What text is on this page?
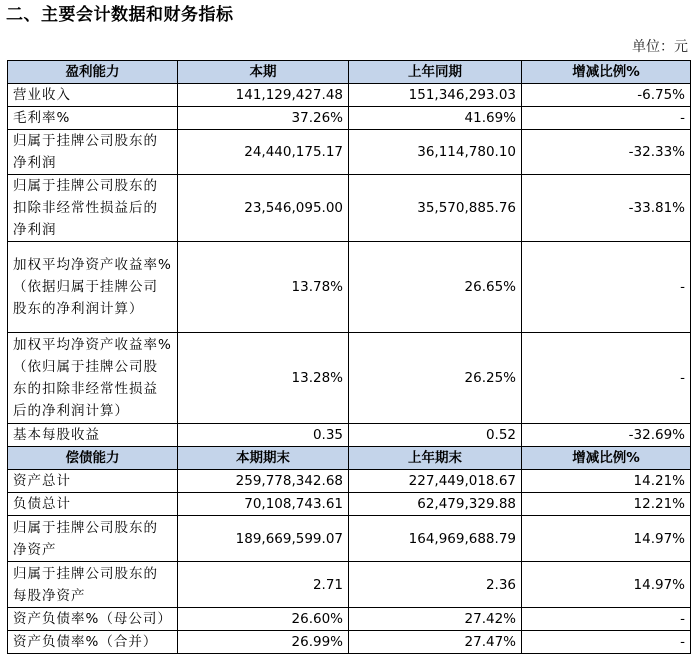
二、主要会计数据和财务指标
单位：元
盈利能力	本期	上年同期	增减比例%
营业收入	141,129,427.48	151,346,293.03	-6.75%
毛利率%	37.26%	41.69%	-
归属于挂牌公司股东的净利润	24,440,175.17	36,114,780.10	-32.33%
归属于挂牌公司股东的扣除非经常性损益后的净利润	23,546,095.00	35,570,885.76	-33.81%
加权平均净资产收益率%（依据归属于挂牌公司股东的净利润计算）	13.78%	26.65%	-
加权平均净资产收益率%（依归属于挂牌公司股东的扣除非经常性损益后的净利润计算）	13.28%	26.25%	-
基本每股收益	0.35	0.52	-32.69%
偿债能力	本期期末	上年期末	增减比例%
资产总计	259,778,342.68	227,449,018.67	14.21%
负债总计	70,108,743.61	62,479,329.88	12.21%
归属于挂牌公司股东的净资产	189,669,599.07	164,969,688.79	14.97%
归属于挂牌公司股东的每股净资产	2.71	2.36	14.97%
资产负债率%（母公司）	26.60%	27.42%	-
资产负债率%（合并）	26.99%	27.47%	-
